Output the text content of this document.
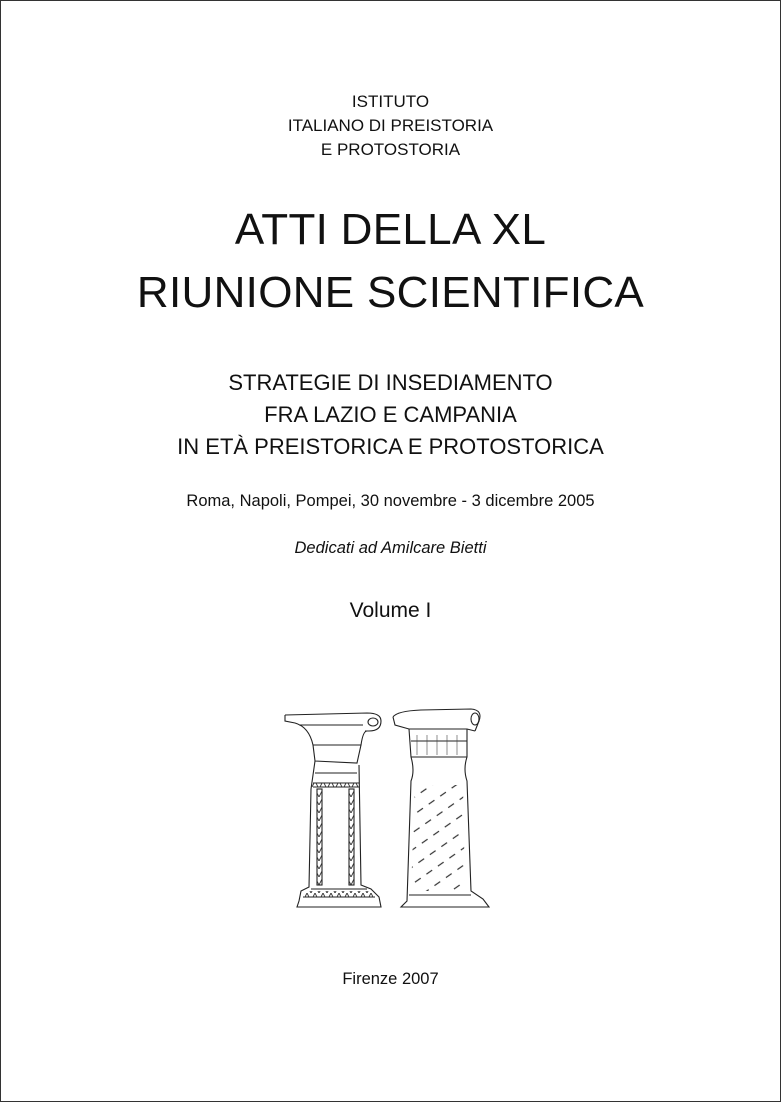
ISTITUTO
ITALIANO DI PREISTORIA
E PROTOSTORIA
ATTI DELLA XL
RIUNIONE SCIENTIFICA
STRATEGIE DI INSEDIAMENTO
FRA LAZIO E CAMPANIA
IN ETÀ PREISTORICA E PROTOSTORICA
Roma, Napoli, Pompei, 30 novembre - 3 dicembre 2005
Dedicati ad Amilcare Bietti
Volume I
Firenze 2007
